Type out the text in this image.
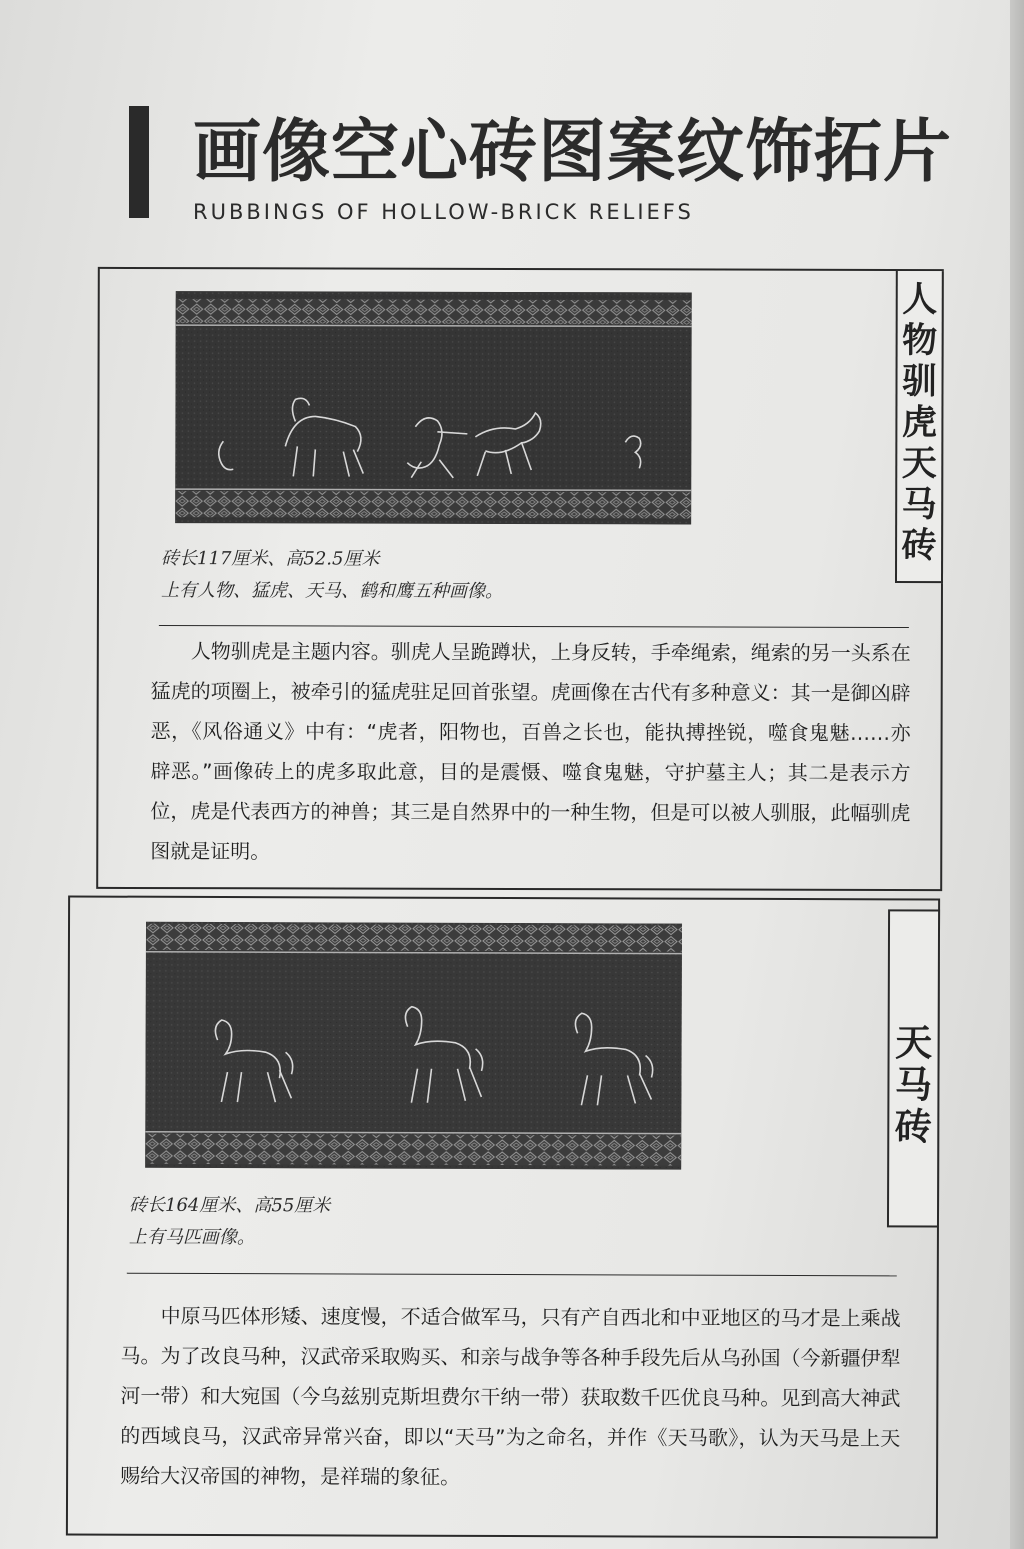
画像空心砖图案纹饰拓片
RUBBINGS OF HOLLOW-BRICK RELIEFS
人
物
驯
虎
天
马
砖
砖长117厘米、高52.5厘米
上有人物、猛虎、天马、鹤和鹰五种画像。
人物驯虎是主题内容。驯虎人呈跪蹲状，上身反转，手牵绳索，绳索的另一头系在猛虎的项圈上，被牵引的猛虎驻足回首张望。虎画像在古代有多种意义：其一是御凶辟恶，《风俗通义》中有：“虎者，阳物也，百兽之长也，能执搏挫锐，噬食鬼魅……亦辟恶。”画像砖上的虎多取此意，目的是震慑、噬食鬼魅，守护墓主人；其二是表示方位，虎是代表西方的神兽；其三是自然界中的一种生物，但是可以被人驯服，此幅驯虎图就是证明。
天
马
砖
砖长164厘米、高55厘米
上有马匹画像。
中原马匹体形矮、速度慢，不适合做军马，只有产自西北和中亚地区的马才是上乘战马。为了改良马种，汉武帝采取购买、和亲与战争等各种手段先后从乌孙国（今新疆伊犁河一带）和大宛国（今乌兹别克斯坦费尔干纳一带）获取数千匹优良马种。见到高大神武的西域良马，汉武帝异常兴奋，即以“天马”为之命名，并作《天马歌》，认为天马是上天赐给大汉帝国的神物，是祥瑞的象征。
